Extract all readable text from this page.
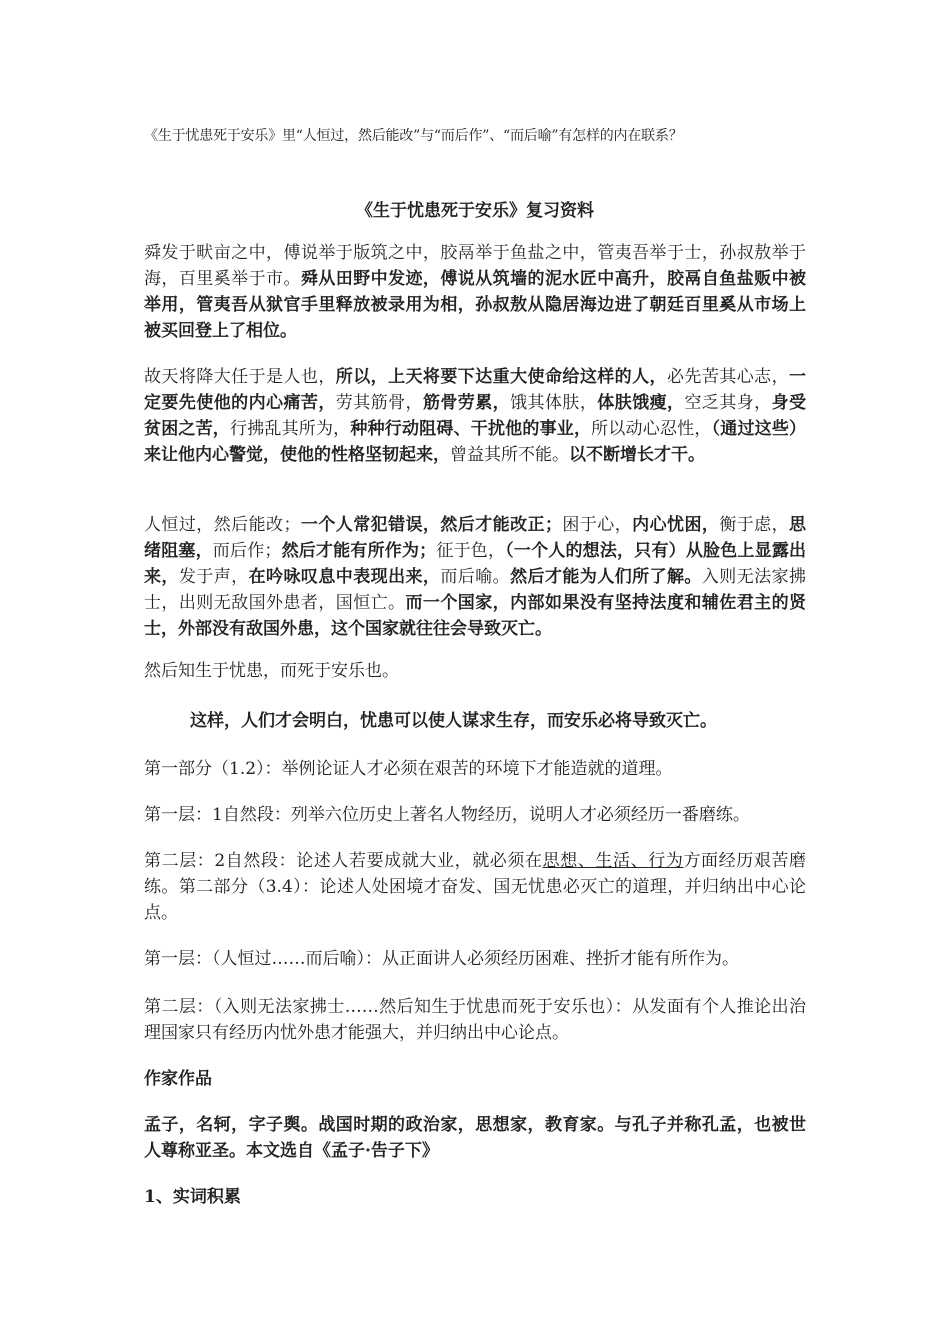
《生于忧患死于安乐》里“人恒过，然后能改”与“而后作”、“而后喻”有怎样的内在联系？
《生于忧患死于安乐》复习资料
舜发于畎亩之中，傅说举于版筑之中，胶鬲举于鱼盐之中，管夷吾举于士，孙叔敖举于海，百里奚举于市。舜从田野中发迹，傅说从筑墙的泥水匠中高升，胶鬲自鱼盐贩中被举用，管夷吾从狱官手里释放被录用为相，孙叔敖从隐居海边进了朝廷百里奚从市场上被买回登上了相位。
故天将降大任于是人也，所以，上天将要下达重大使命给这样的人，必先苦其心志，一定要先使他的内心痛苦，劳其筋骨，筋骨劳累，饿其体肤，体肤饿瘦，空乏其身，身受贫困之苦，行拂乱其所为，种种行动阻碍、干扰他的事业，所以动心忍性，（通过这些）来让他内心警觉，使他的性格坚韧起来，曾益其所不能。以不断增长才干。
人恒过，然后能改；一个人常犯错误，然后才能改正；困于心，内心忧困，衡于虑，思绪阻塞，而后作；然后才能有所作为；征于色，（一个人的想法，只有）从脸色上显露出来，发于声，在吟咏叹息中表现出来，而后喻。然后才能为人们所了解。入则无法家拂士，出则无敌国外患者，国恒亡。而一个国家，内部如果没有坚持法度和辅佐君主的贤士，外部没有敌国外患，这个国家就往往会导致灭亡。
然后知生于忧患，而死于安乐也。
这样，人们才会明白，忧患可以使人谋求生存，而安乐必将导致灭亡。
第一部分（1.2）：举例论证人才必须在艰苦的环境下才能造就的道理。
第一层：1自然段：列举六位历史上著名人物经历，说明人才必须经历一番磨练。
第二层：2自然段：论述人若要成就大业，就必须在思想、生活、行为方面经历艰苦磨练。第二部分（3.4）：论述人处困境才奋发、国无忧患必灭亡的道理，并归纳出中心论点。
第一层：（人恒过……而后喻）：从正面讲人必须经历困难、挫折才能有所作为。
第二层：（入则无法家拂士……然后知生于忧患而死于安乐也）：从发面有个人推论出治理国家只有经历内忧外患才能强大，并归纳出中心论点。
作家作品
孟子，名轲，字子舆。战国时期的政治家，思想家，教育家。与孔子并称孔孟，也被世人尊称亚圣。本文选自《孟子·告子下》
1、实词积累
